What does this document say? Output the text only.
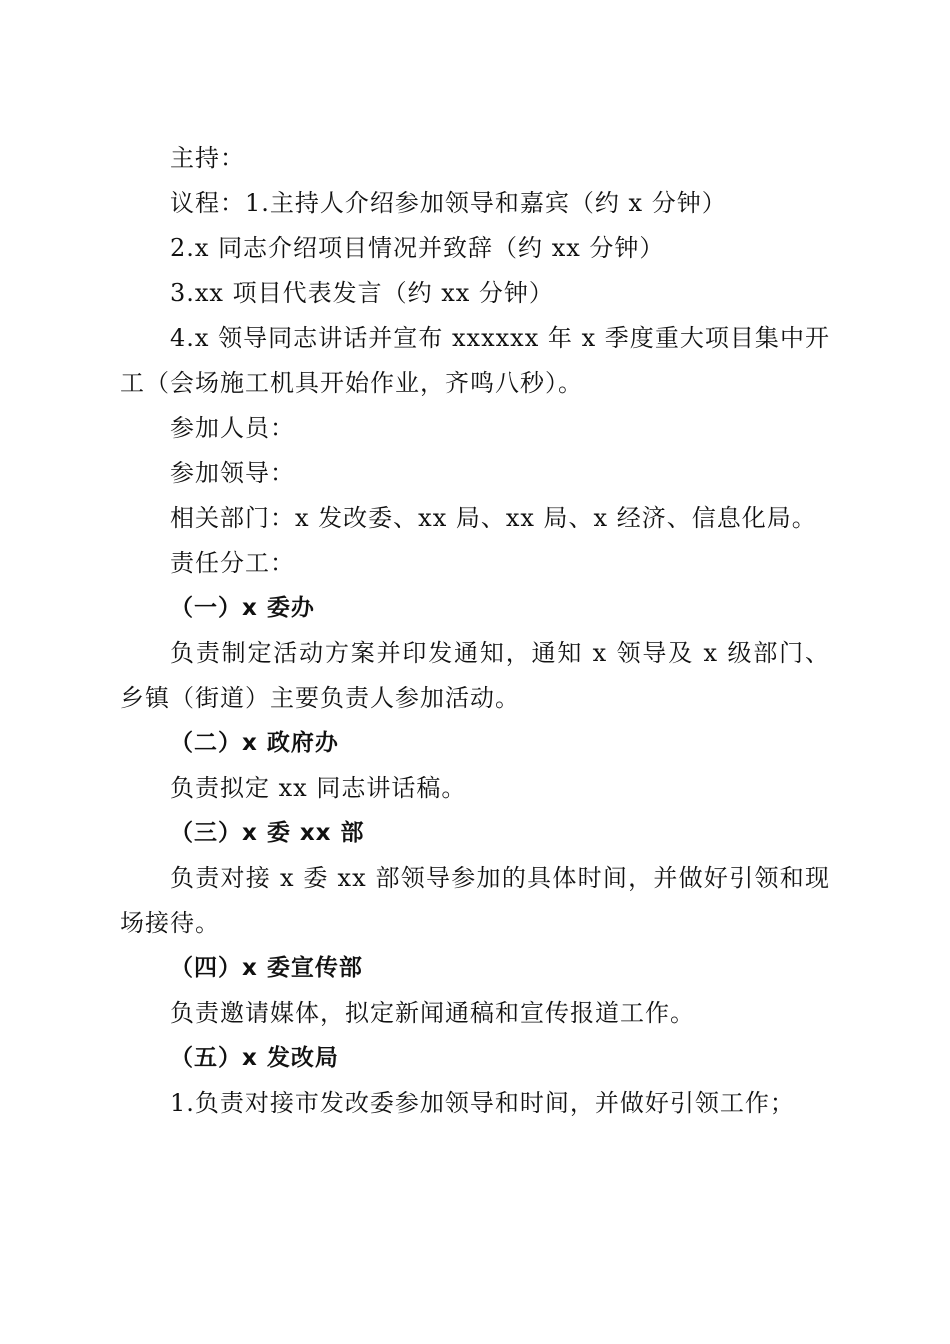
主持：

议程：1.主持人介绍参加领导和嘉宾（约 x 分钟）

2.x 同志介绍项目情况并致辞（约 xx 分钟）

3.xx 项目代表发言（约 xx 分钟）

4.x 领导同志讲话并宣布 xxxxxx 年 x 季度重大项目集中开工（会场施工机具开始作业，齐鸣八秒）。

参加人员：

参加领导：

相关部门：x 发改委、xx 局、xx 局、x 经济、信息化局。

责任分工：

（一）x 委办

负责制定活动方案并印发通知，通知 x 领导及 x 级部门、乡镇（街道）主要负责人参加活动。

（二）x 政府办

负责拟定 xx 同志讲话稿。

（三）x 委 xx 部

负责对接 x 委 xx 部领导参加的具体时间，并做好引领和现场接待。

（四）x 委宣传部

负责邀请媒体，拟定新闻通稿和宣传报道工作。

（五）x 发改局

1.负责对接市发改委参加领导和时间，并做好引领工作；
